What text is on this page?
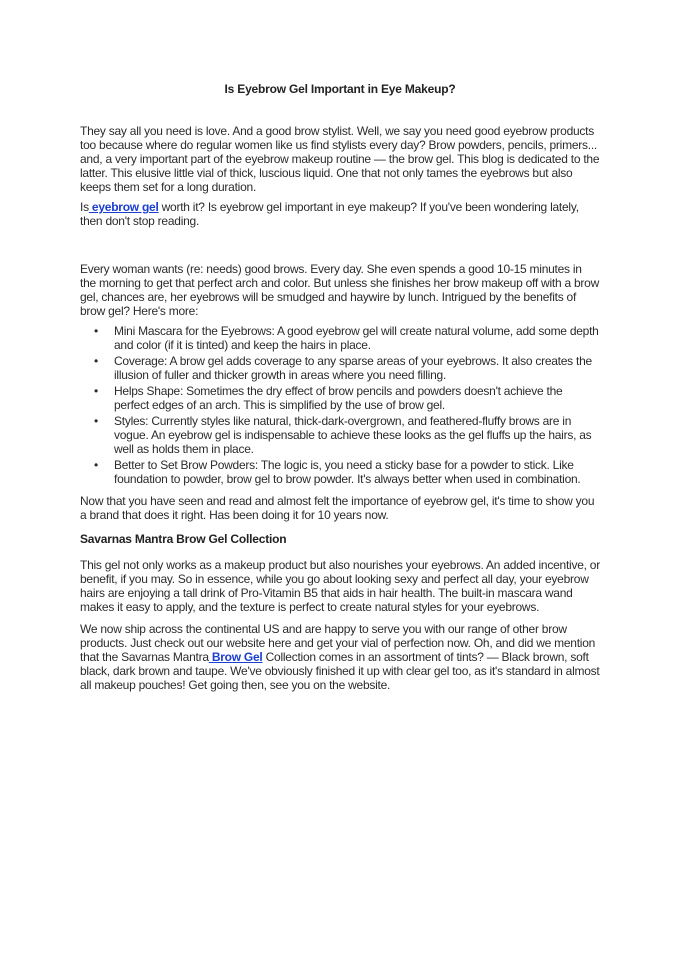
Is Eyebrow Gel Important in Eye Makeup?

They say all you need is love. And a good brow stylist. Well, we say you need good eyebrow products too because where do regular women like us find stylists every day? Brow powders, pencils, primers... and, a very important part of the eyebrow makeup routine — the brow gel. This blog is dedicated to the latter. This elusive little vial of thick, luscious liquid. One that not only tames the eyebrows but also keeps them set for a long duration.

Is eyebrow gel worth it? Is eyebrow gel important in eye makeup? If you've been wondering lately, then don't stop reading.

Every woman wants (re: needs) good brows. Every day. She even spends a good 10-15 minutes in the morning to get that perfect arch and color. But unless she finishes her brow makeup off with a brow gel, chances are, her eyebrows will be smudged and haywire by lunch. Intrigued by the benefits of brow gel? Here's more:

• Mini Mascara for the Eyebrows: A good eyebrow gel will create natural volume, add some depth and color (if it is tinted) and keep the hairs in place.
• Coverage: A brow gel adds coverage to any sparse areas of your eyebrows. It also creates the illusion of fuller and thicker growth in areas where you need filling.
• Helps Shape: Sometimes the dry effect of brow pencils and powders doesn't achieve the perfect edges of an arch. This is simplified by the use of brow gel.
• Styles: Currently styles like natural, thick-dark-overgrown, and feathered-fluffy brows are in vogue. An eyebrow gel is indispensable to achieve these looks as the gel fluffs up the hairs, as well as holds them in place.
• Better to Set Brow Powders: The logic is, you need a sticky base for a powder to stick. Like foundation to powder, brow gel to brow powder. It's always better when used in combination.

Now that you have seen and read and almost felt the importance of eyebrow gel, it's time to show you a brand that does it right. Has been doing it for 10 years now.

Savarnas Mantra Brow Gel Collection

This gel not only works as a makeup product but also nourishes your eyebrows. An added incentive, or benefit, if you may. So in essence, while you go about looking sexy and perfect all day, your eyebrow hairs are enjoying a tall drink of Pro-Vitamin B5 that aids in hair health. The built-in mascara wand makes it easy to apply, and the texture is perfect to create natural styles for your eyebrows.

We now ship across the continental US and are happy to serve you with our range of other brow products. Just check out our website here and get your vial of perfection now. Oh, and did we mention that the Savarnas Mantra Brow Gel Collection comes in an assortment of tints? — Black brown, soft black, dark brown and taupe. We've obviously finished it up with clear gel too, as it's standard in almost all makeup pouches! Get going then, see you on the website.
